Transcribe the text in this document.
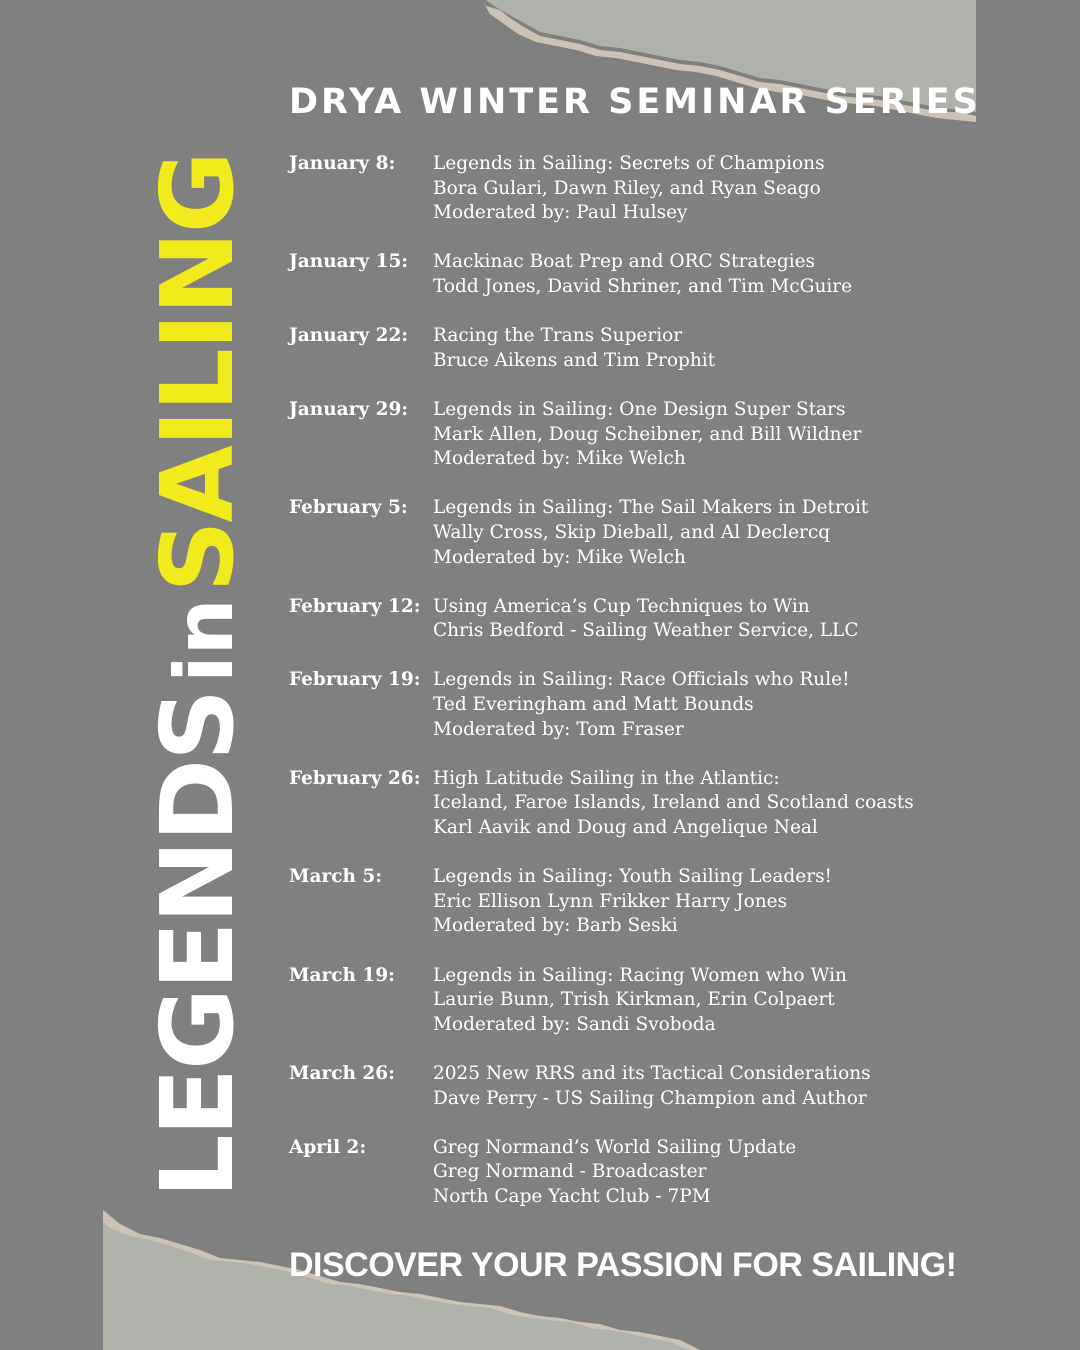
LEGENDSinSAILING
DRYA WINTER SEMINAR SERIES
January 8:	Legends in Sailing: Secrets of Champions
Bora Gulari, Dawn Riley, and Ryan Seago
Moderated by: Paul Hulsey
January 15:	Mackinac Boat Prep and ORC Strategies
Todd Jones, David Shriner, and Tim McGuire
January 22:	Racing the Trans Superior
Bruce Aikens and Tim Prophit
January 29:	Legends in Sailing: One Design Super Stars
Mark Allen, Doug Scheibner, and Bill Wildner
Moderated by: Mike Welch
February 5:	Legends in Sailing: The Sail Makers in Detroit
Wally Cross, Skip Dieball, and Al Declercq
Moderated by: Mike Welch
February 12: Using America’s Cup Techniques to Win
Chris Bedford - Sailing Weather Service, LLC
February 19: Legends in Sailing: Race Officials who Rule!
Ted Everingham and Matt Bounds
Moderated by: Tom Fraser
February 26: High Latitude Sailing in the Atlantic:
Iceland, Faroe Islands, Ireland and Scotland coasts
Karl Aavik and Doug and Angelique Neal
March 5:	Legends in Sailing: Youth Sailing Leaders!
Eric Ellison Lynn Frikker Harry Jones
Moderated by: Barb Seski
March 19:	Legends in Sailing: Racing Women who Win
Laurie Bunn, Trish Kirkman, Erin Colpaert
Moderated by: Sandi Svoboda
March 26:	2025 New RRS and its Tactical Considerations
Dave Perry - US Sailing Champion and Author
April 2:	Greg Normand’s World Sailing Update
Greg Normand - Broadcaster
North Cape Yacht Club - 7PM
DISCOVER YOUR PASSION FOR SAILING!
